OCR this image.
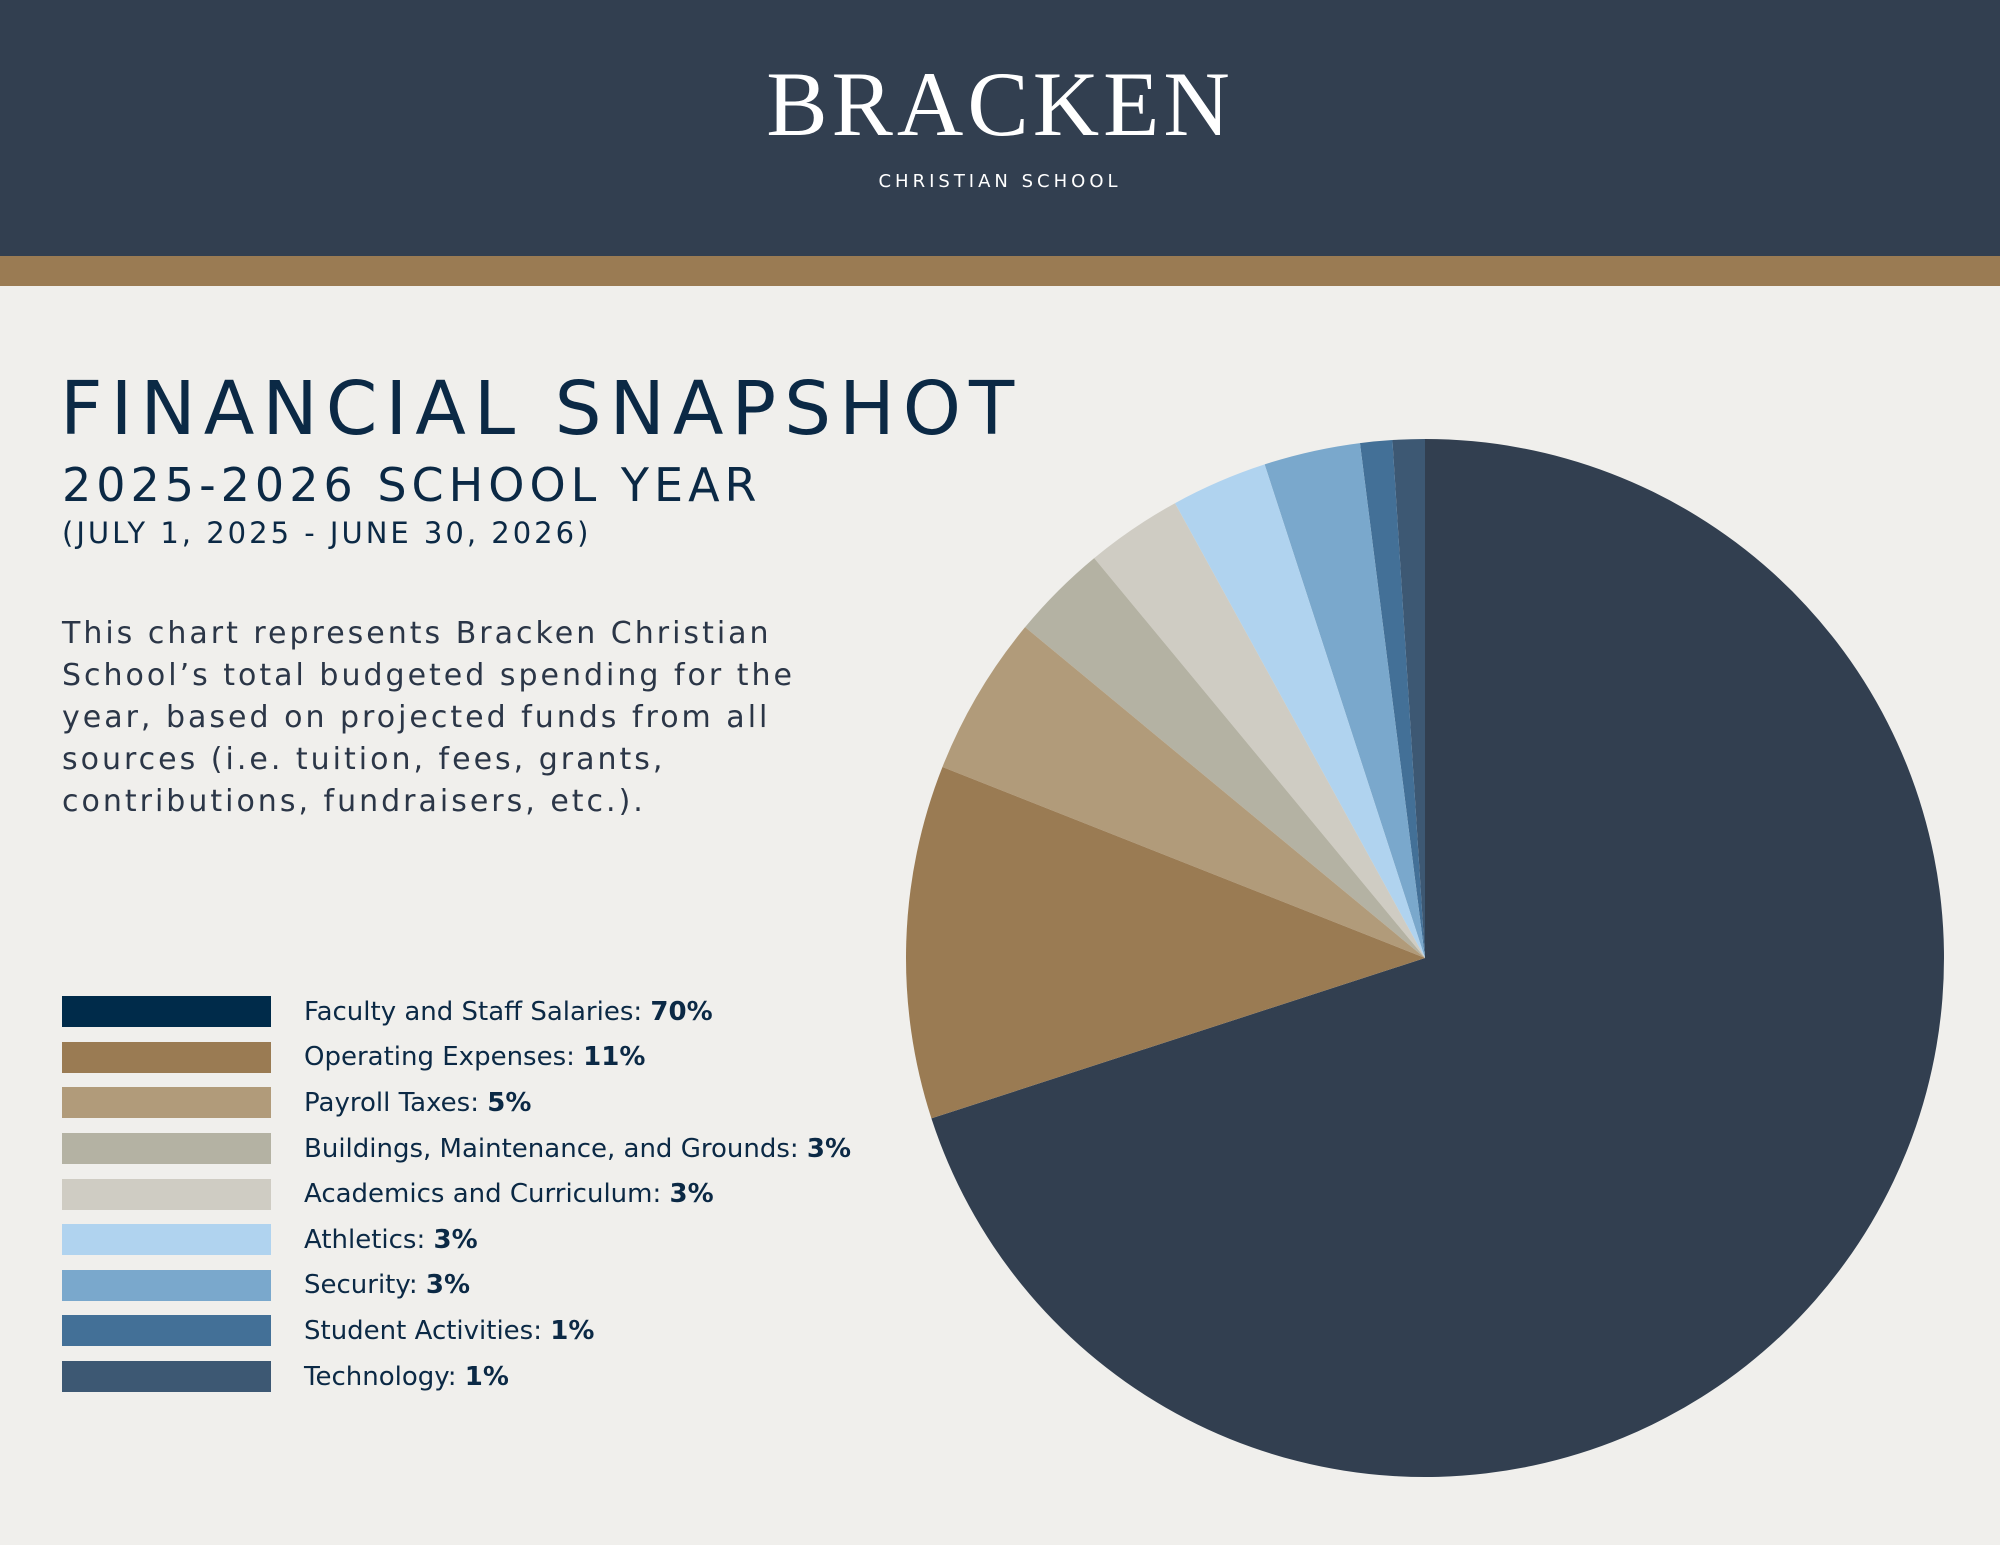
BRACKEN
CHRISTIAN SCHOOL
FINANCIAL SNAPSHOT
2025-2026 SCHOOL YEAR
(JULY 1, 2025 - JUNE 30, 2026)
This chart represents Bracken Christian School’s total budgeted spending for the year, based on projected funds from all sources (i.e. tuition, fees, grants, contributions, fundraisers, etc.).
Faculty and Staff Salaries: 70%
Operating Expenses: 11%
Payroll Taxes: 5%
Buildings, Maintenance, and Grounds: 3%
Academics and Curriculum: 3%
Athletics: 3%
Security: 3%
Student Activities: 1%
Technology: 1%
